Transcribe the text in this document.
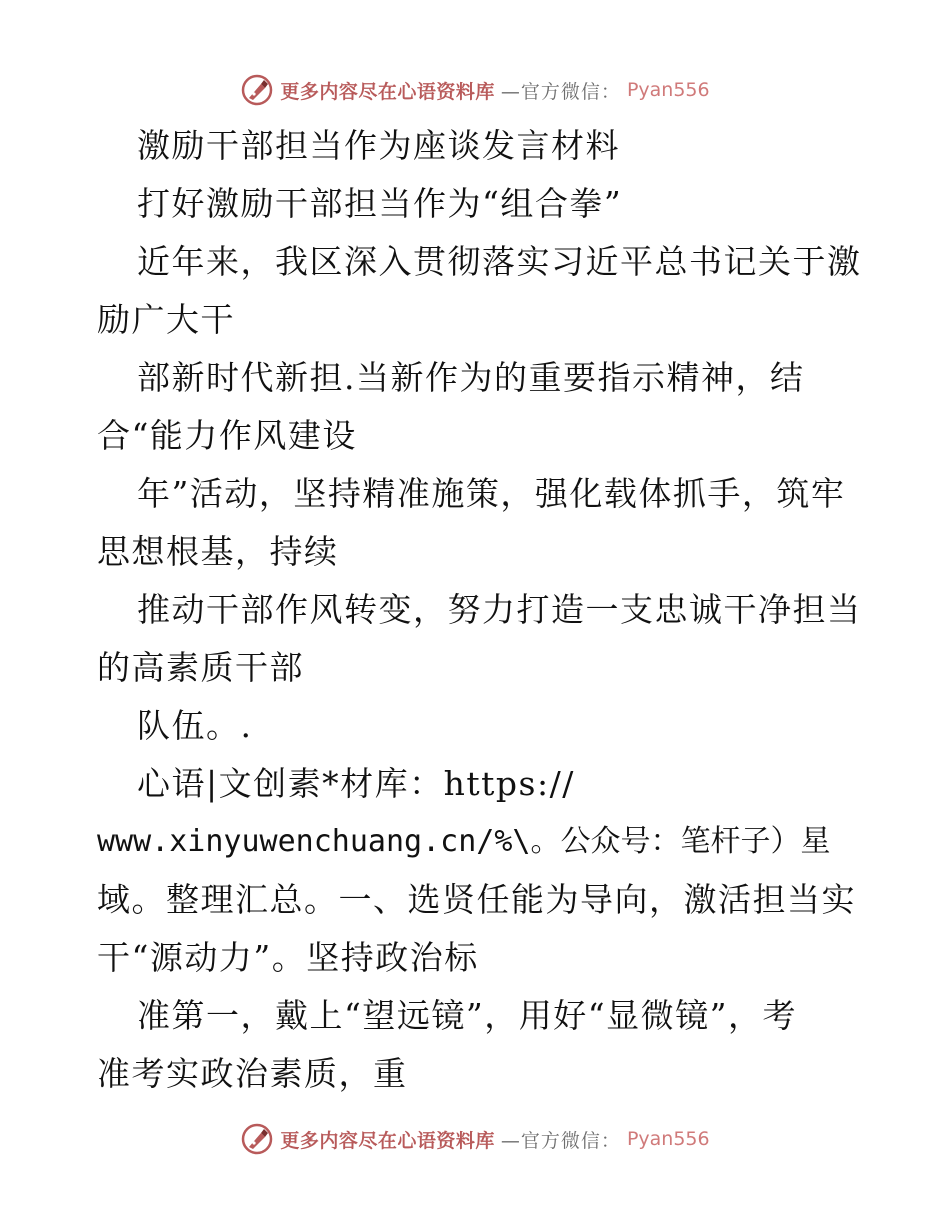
更多内容尽在心语资料库 —官方微信： Pyan556
激励干部担当作为座谈发言材料
打好激励干部担当作为“组合拳”
近年来，我区深入贯彻落实习近平总书记关于激
励广大干
部新时代新担.当新作为的重要指示精神，结
合“能力作风建设
年”活动，坚持精准施策，强化载体抓手，筑牢
思想根基，持续
推动干部作风转变，努力打造一支忠诚干净担当
的高素质干部
队伍。.
心语|文创素*材库：https://
www.xinyuwenchuang.cn/%\。公众号：笔杆子）星
域。整理汇总。一、选贤任能为导向，激活担当实
干“源动力”。坚持政治标
准第一，戴上“望远镜”，用好“显微镜”，考
准考实政治素质，重
更多内容尽在心语资料库 —官方微信： Pyan556
